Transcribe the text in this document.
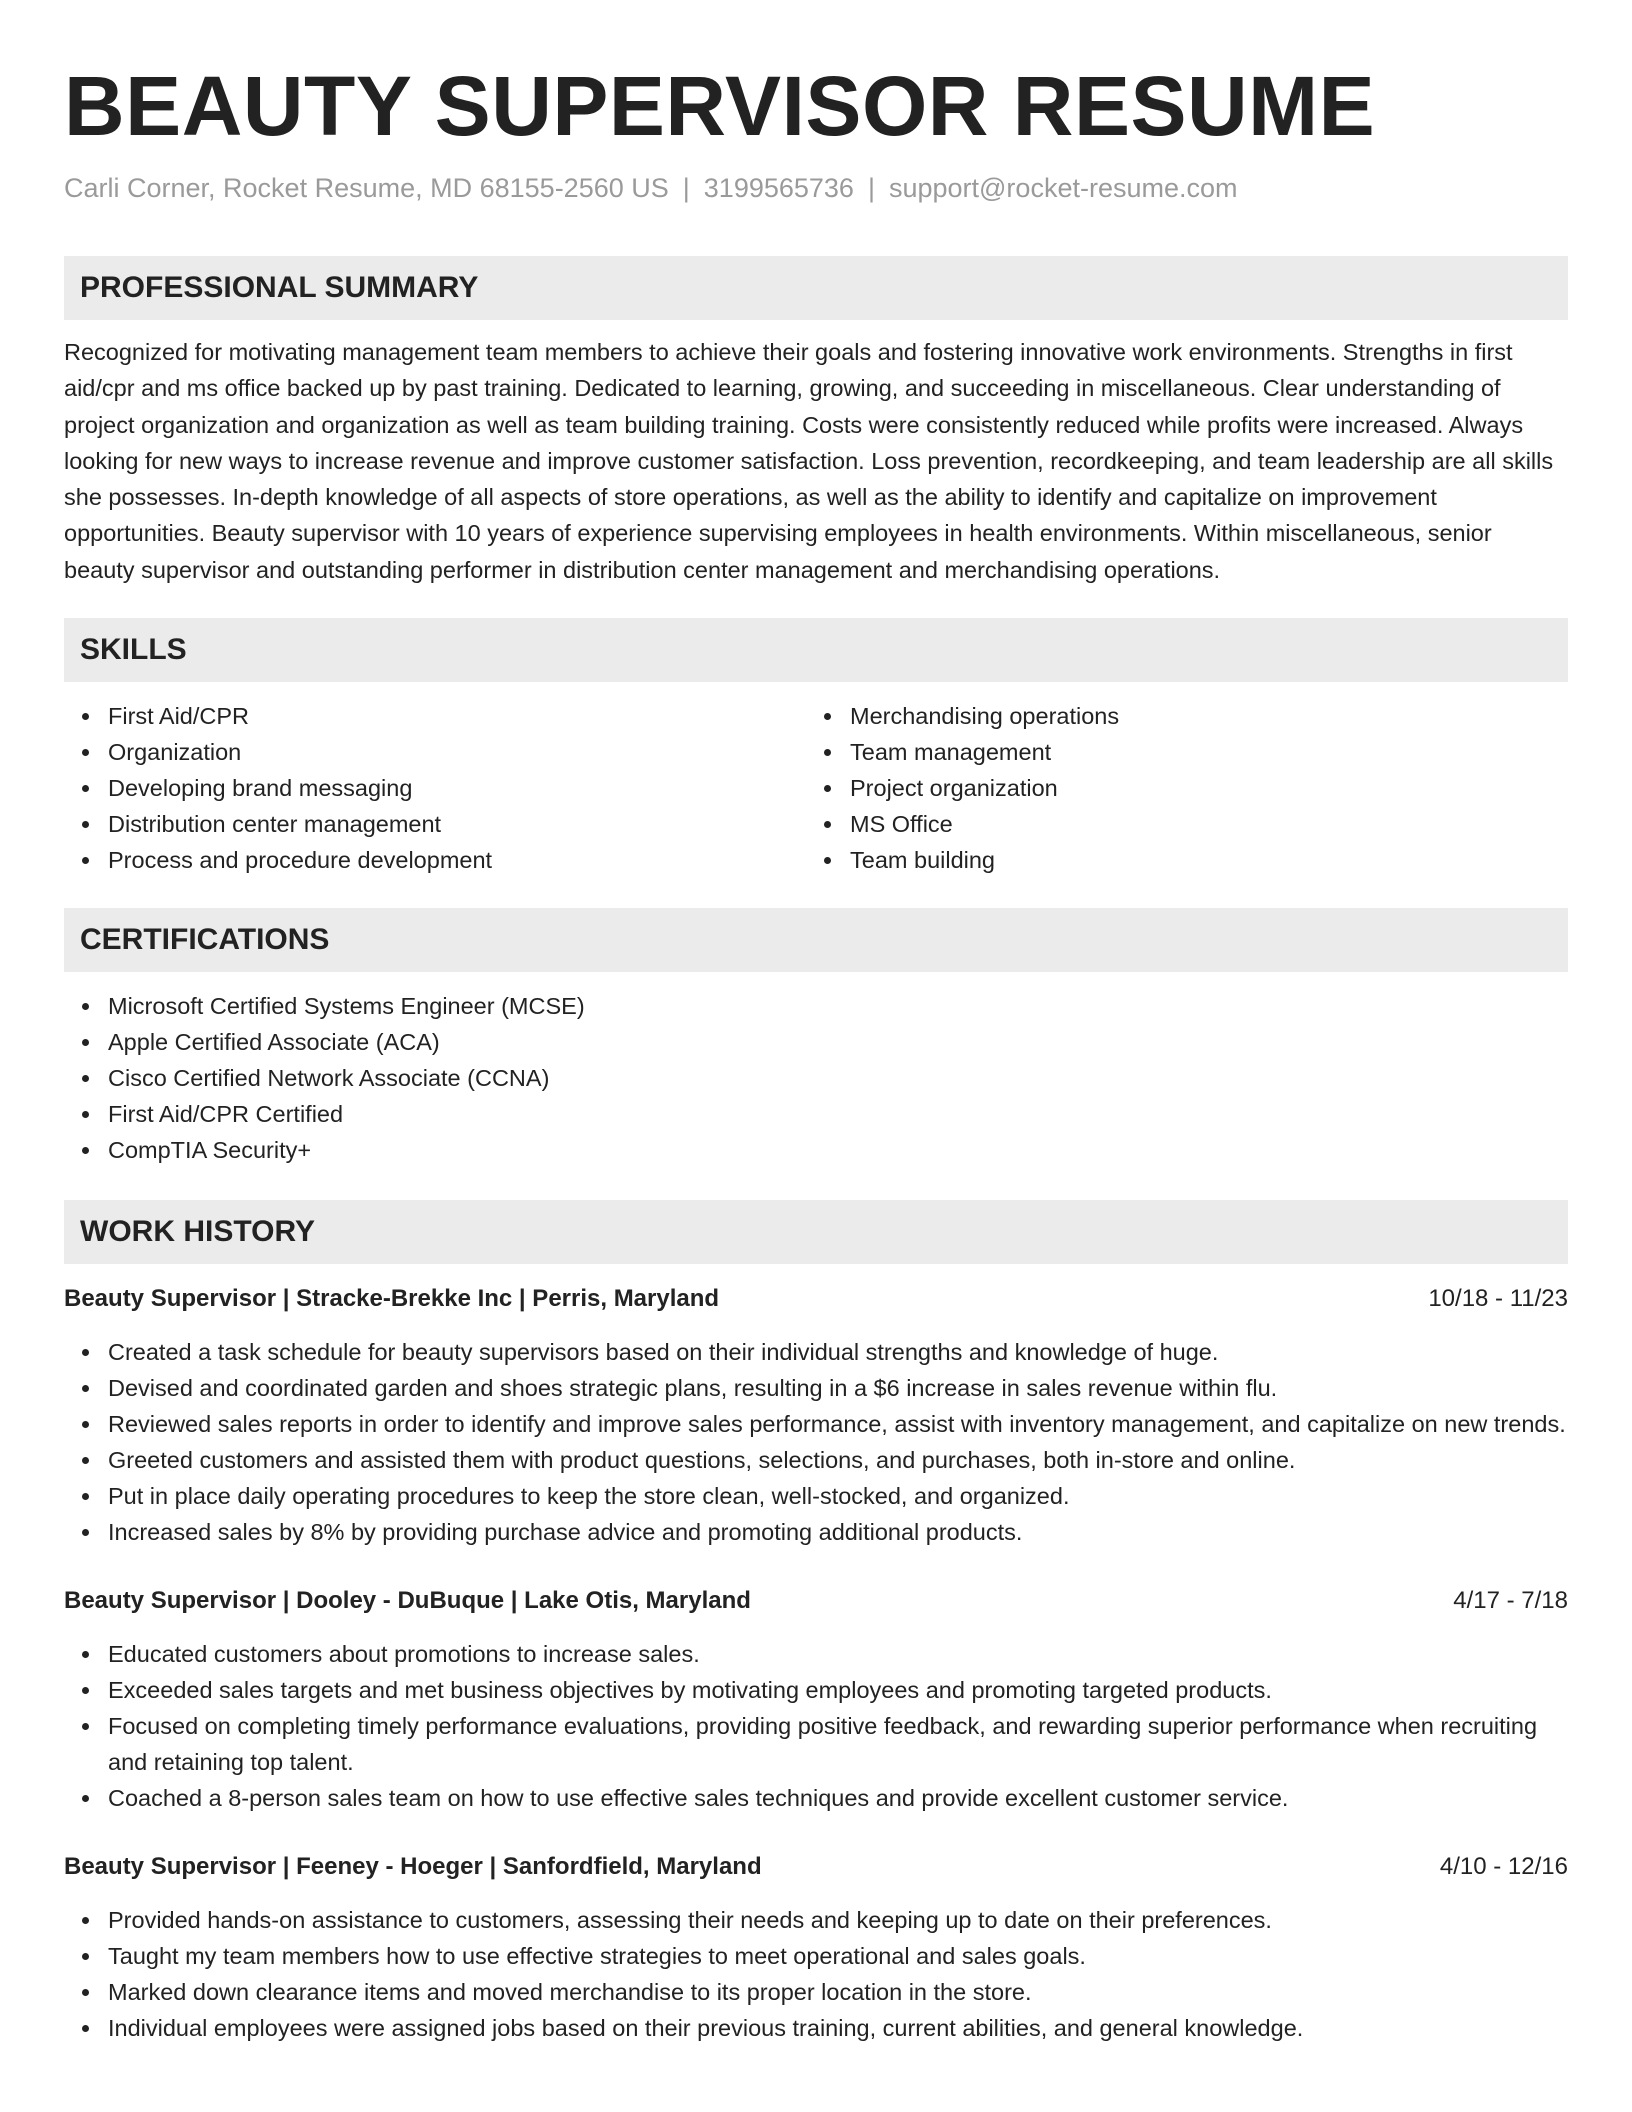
BEAUTY SUPERVISOR RESUME
Carli Corner, Rocket Resume, MD 68155-2560 US | 3199565736 | support@rocket-resume.com
PROFESSIONAL SUMMARY

Recognized for motivating management team members to achieve their goals and fostering innovative work environments. Strengths in first aid/cpr and ms office backed up by past training. Dedicated to learning, growing, and succeeding in miscellaneous. Clear understanding of project organization and organization as well as team building training. Costs were consistently reduced while profits were increased. Always looking for new ways to increase revenue and improve customer satisfaction. Loss prevention, recordkeeping, and team leadership are all skills she possesses. In-depth knowledge of all aspects of store operations, as well as the ability to identify and capitalize on improvement opportunities. Beauty supervisor with 10 years of experience supervising employees in health environments. Within miscellaneous, senior beauty supervisor and outstanding performer in distribution center management and merchandising operations.

SKILLS
First Aid/CPR
Organization
Developing brand messaging
Distribution center management
Process and procedure development
Merchandising operations
Team management
Project organization
MS Office
Team building
CERTIFICATIONS
Microsoft Certified Systems Engineer (MCSE)
Apple Certified Associate (ACA)
Cisco Certified Network Associate (CCNA)
First Aid/CPR Certified
CompTIA Security+
WORK HISTORY
Beauty Supervisor | Stracke-Brekke Inc | Perris, Maryland	10/18 - 11/23
Created a task schedule for beauty supervisors based on their individual strengths and knowledge of huge.
Devised and coordinated garden and shoes strategic plans, resulting in a $6 increase in sales revenue within flu.
Reviewed sales reports in order to identify and improve sales performance, assist with inventory management, and capitalize on new trends.
Greeted customers and assisted them with product questions, selections, and purchases, both in-store and online.
Put in place daily operating procedures to keep the store clean, well-stocked, and organized.
Increased sales by 8% by providing purchase advice and promoting additional products.
Beauty Supervisor | Dooley - DuBuque | Lake Otis, Maryland	4/17 - 7/18
Educated customers about promotions to increase sales.
Exceeded sales targets and met business objectives by motivating employees and promoting targeted products.
Focused on completing timely performance evaluations, providing positive feedback, and rewarding superior performance when recruiting and retaining top talent.
Coached a 8-person sales team on how to use effective sales techniques and provide excellent customer service.
Beauty Supervisor | Feeney - Hoeger | Sanfordfield, Maryland	4/10 - 12/16
Provided hands-on assistance to customers, assessing their needs and keeping up to date on their preferences.
Taught my team members how to use effective strategies to meet operational and sales goals.
Marked down clearance items and moved merchandise to its proper location in the store.
Individual employees were assigned jobs based on their previous training, current abilities, and general knowledge.
